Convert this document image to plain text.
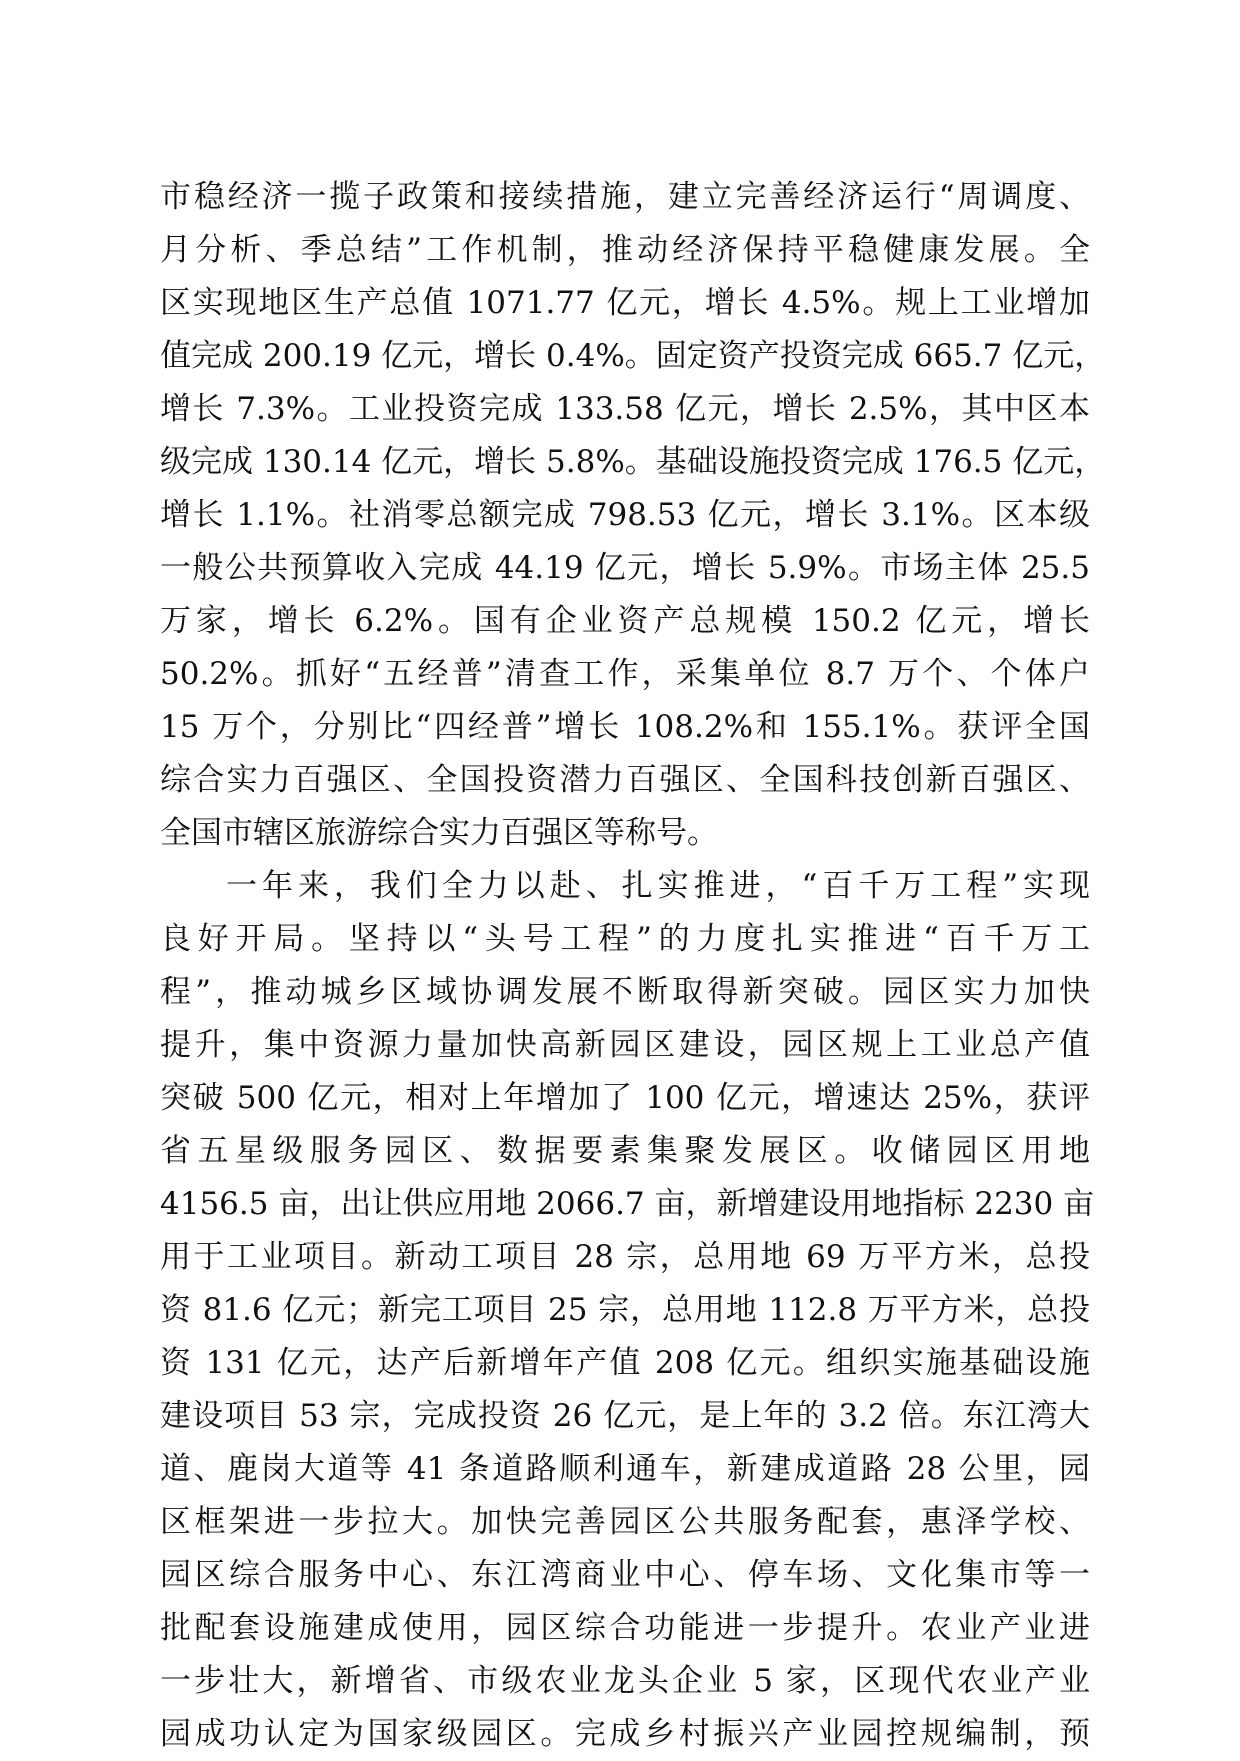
市稳经济一揽子政策和接续措施，建立完善经济运行“周调度、
月分析、季总结”工作机制，推动经济保持平稳健康发展。全
区实现地区生产总值 1071.77 亿元，增长 4.5%。规上工业增加
值完成 200.19 亿元，增长 0.4%。固定资产投资完成 665.7 亿元，
增长 7.3%。工业投资完成 133.58 亿元，增长 2.5%，其中区本
级完成 130.14 亿元，增长 5.8%。基础设施投资完成 176.5 亿元，
增长 1.1%。社消零总额完成 798.53 亿元，增长 3.1%。区本级
一般公共预算收入完成 44.19 亿元，增长 5.9%。市场主体 25.5
万家，增长 6.2%。国有企业资产总规模 150.2 亿元，增长
50.2%。抓好“五经普”清查工作，采集单位 8.7 万个、个体户
15 万个，分别比“四经普”增长 108.2%和 155.1%。获评全国
综合实力百强区、全国投资潜力百强区、全国科技创新百强区、
全国市辖区旅游综合实力百强区等称号。
一年来，我们全力以赴、扎实推进，“百千万工程”实现
良好开局。坚持以“头号工程”的力度扎实推进“百千万工
程”，推动城乡区域协调发展不断取得新突破。园区实力加快
提升，集中资源力量加快高新园区建设，园区规上工业总产值
突破 500 亿元，相对上年增加了 100 亿元，增速达 25%，获评
省五星级服务园区、数据要素集聚发展区。收储园区用地
4156.5 亩，出让供应用地 2066.7 亩，新增建设用地指标 2230 亩
用于工业项目。新动工项目 28 宗，总用地 69 万平方米，总投
资 81.6 亿元；新完工项目 25 宗，总用地 112.8 万平方米，总投
资 131 亿元，达产后新增年产值 208 亿元。组织实施基础设施
建设项目 53 宗，完成投资 26 亿元，是上年的 3.2 倍。东江湾大
道、鹿岗大道等 41 条道路顺利通车，新建成道路 28 公里，园
区框架进一步拉大。加快完善园区公共服务配套，惠泽学校、
园区综合服务中心、东江湾商业中心、停车场、文化集市等一
批配套设施建成使用，园区综合功能进一步提升。农业产业进
一步壮大，新增省、市级农业龙头企业 5 家，区现代农业产业
园成功认定为国家级园区。完成乡村振兴产业园控规编制，预
